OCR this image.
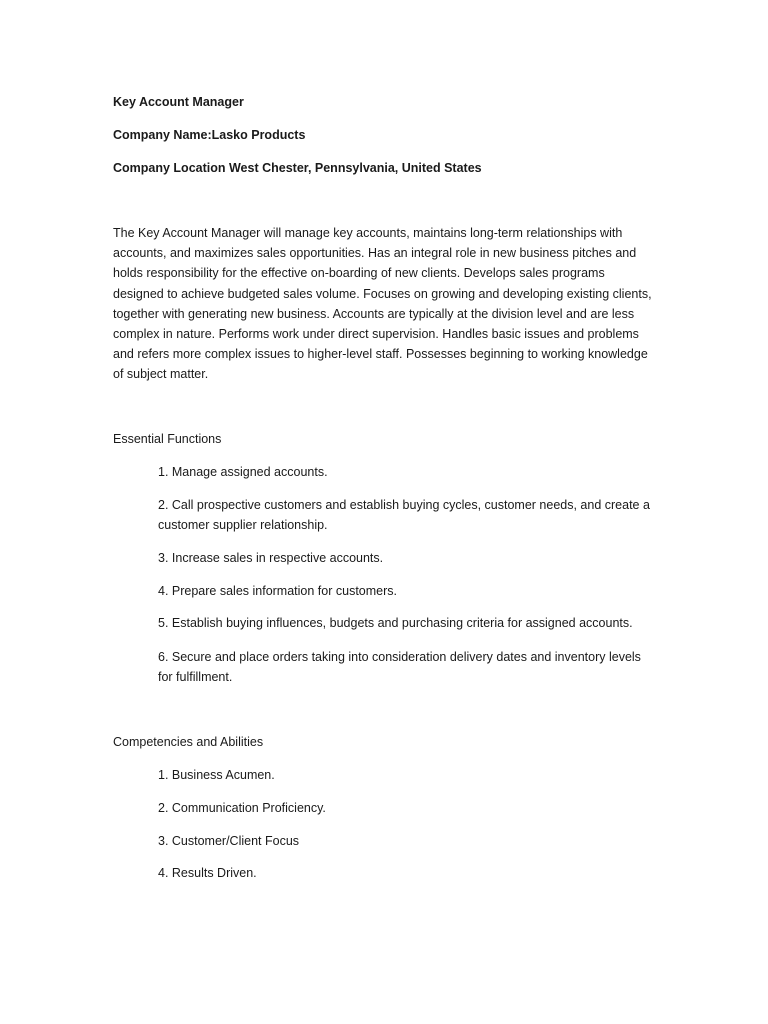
Key Account Manager
Company Name:Lasko Products
Company Location West Chester, Pennsylvania, United States
The Key Account Manager will manage key accounts, maintains long-term relationships with accounts, and maximizes sales opportunities. Has an integral role in new business pitches and holds responsibility for the effective on-boarding of new clients. Develops sales programs designed to achieve budgeted sales volume. Focuses on growing and developing existing clients, together with generating new business. Accounts are typically at the division level and are less complex in nature. Performs work under direct supervision. Handles basic issues and problems and refers more complex issues to higher-level staff. Possesses beginning to working knowledge of subject matter.
Essential Functions
1. Manage assigned accounts.
2. Call prospective customers and establish buying cycles, customer needs, and create a customer supplier relationship.
3. Increase sales in respective accounts.
4. Prepare sales information for customers.
5. Establish buying influences, budgets and purchasing criteria for assigned accounts.
6. Secure and place orders taking into consideration delivery dates and inventory levels for fulfillment.
Competencies and Abilities
1. Business Acumen.
2. Communication Proficiency.
3. Customer/Client Focus
4. Results Driven.
